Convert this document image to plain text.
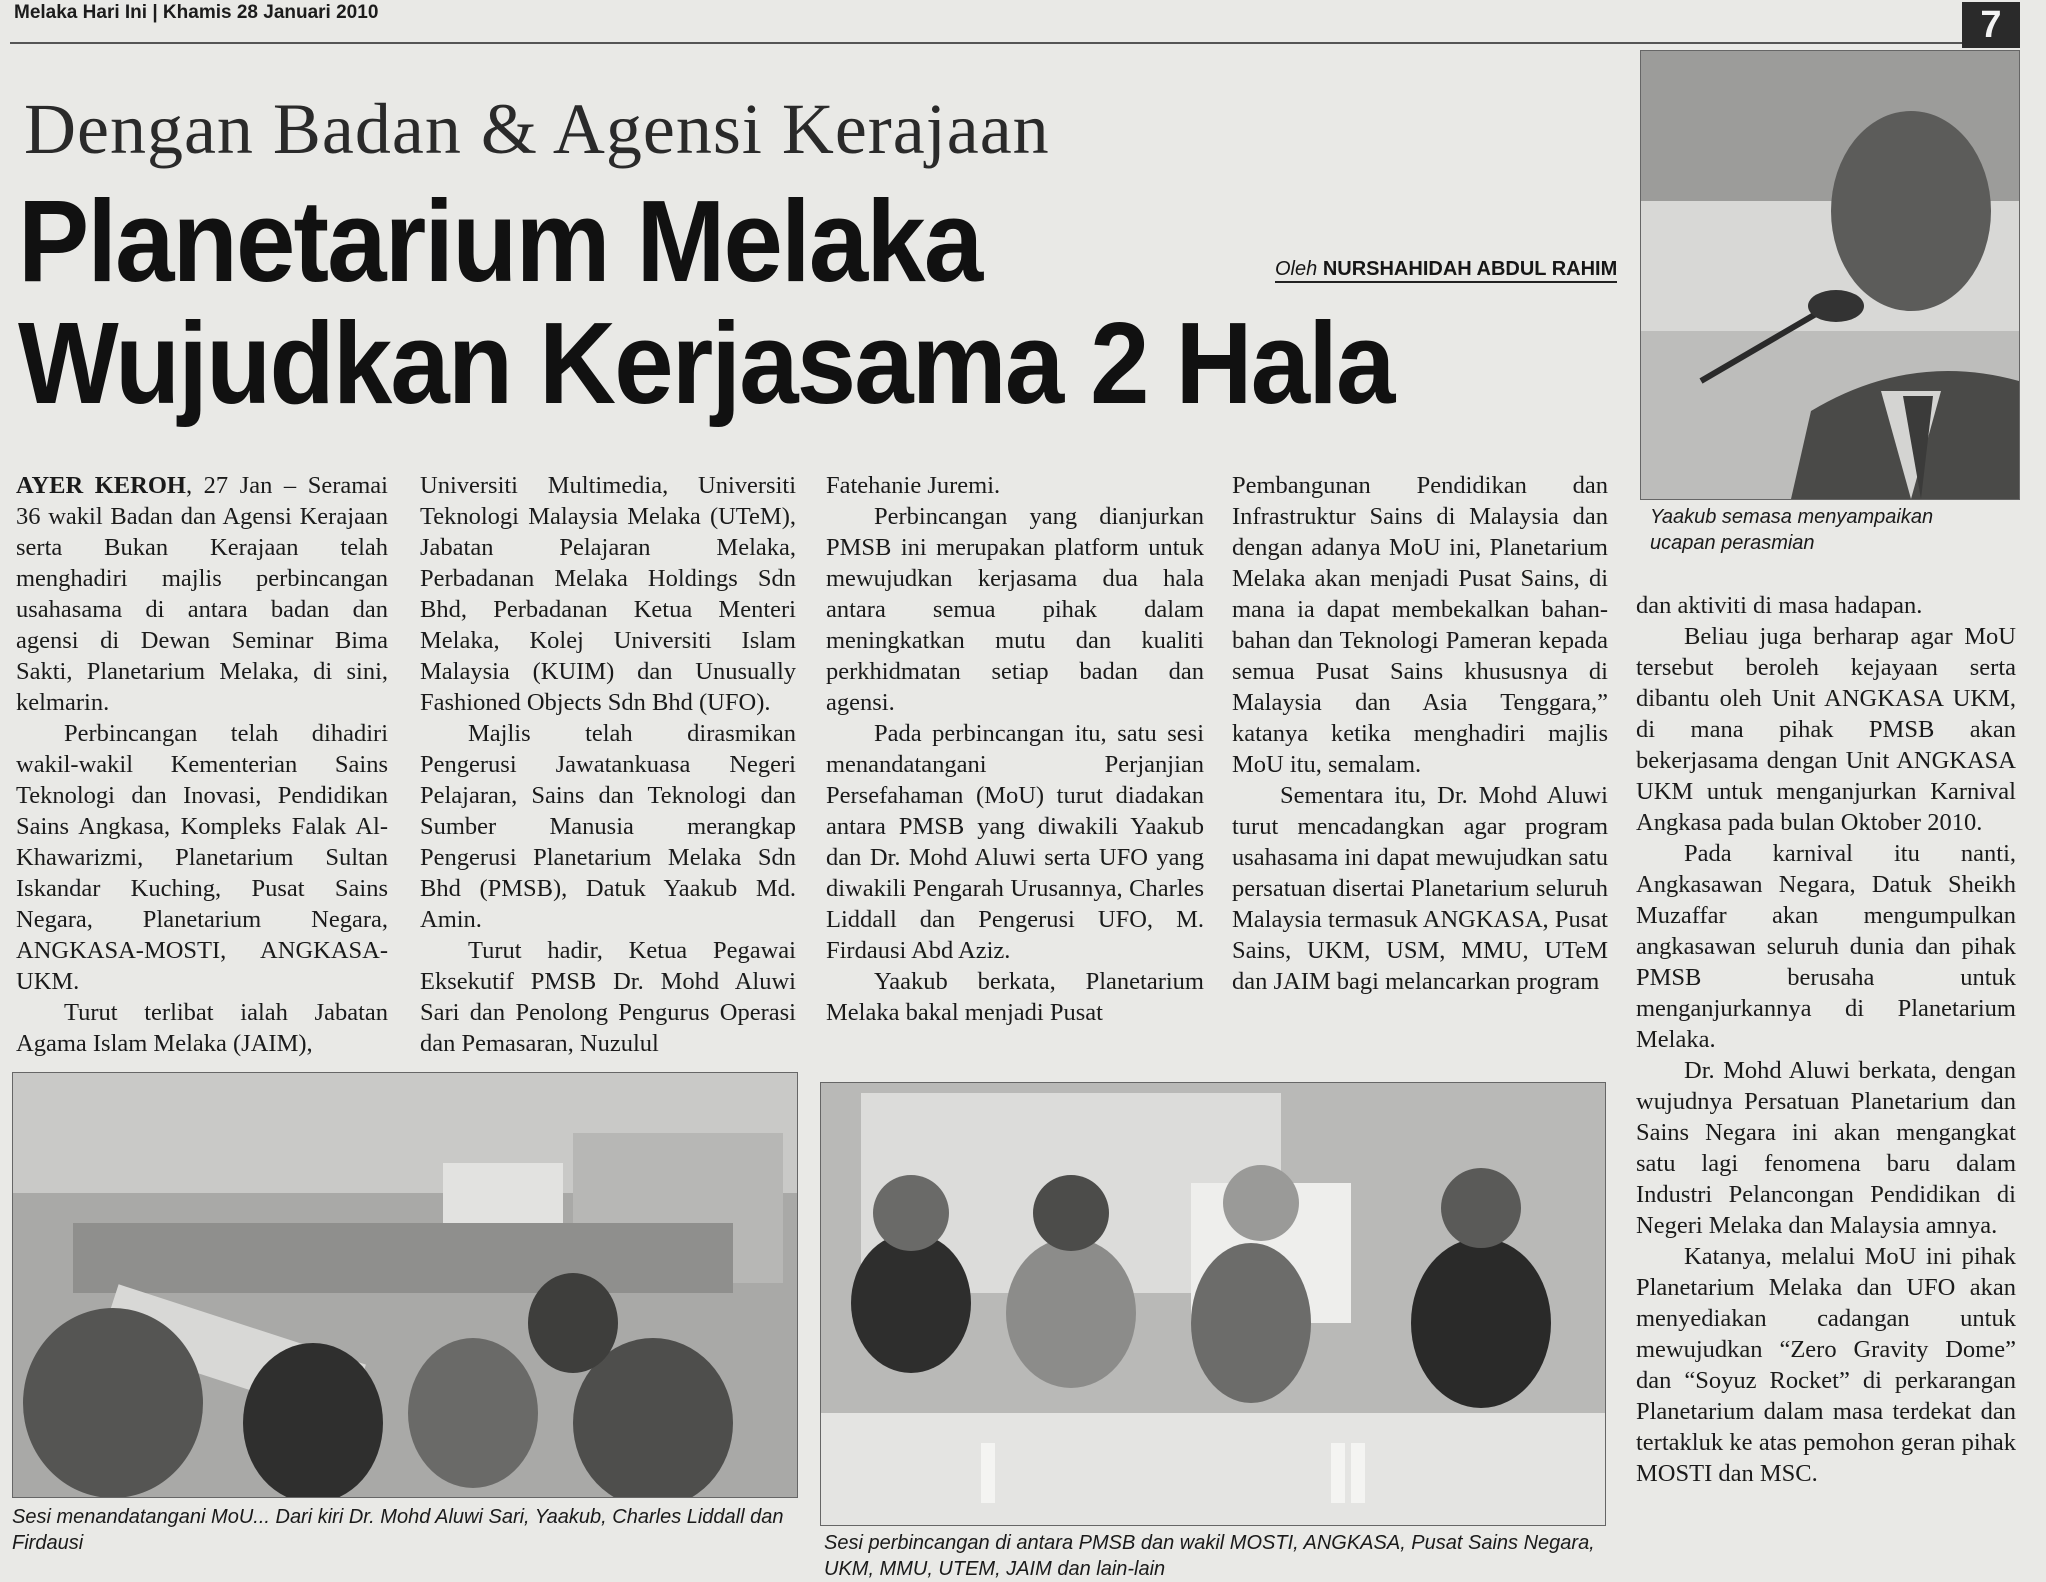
Melaka Hari Ini | Khamis 28 Januari 2010	7
Dengan Badan & Agensi Kerajaan
Planetarium Melaka
Wujudkan Kerjasama 2 Hala
Oleh NURSHAHIDAH ABDUL RAHIM
Yaakub semasa menyampaikan
ucapan perasmian

AYER KEROH, 27 Jan – Seramai 36 wakil Badan dan Agensi Kerajaan serta Bukan Kerajaan telah menghadiri majlis perbincangan usahasama di antara badan dan agensi di Dewan Seminar Bima Sakti, Planetarium Melaka, di sini, kelmarin.

Perbincangan telah dihadiri wakil-wakil Kementerian Sains Teknologi dan Inovasi, Pendidikan Sains Angkasa, Kompleks Falak Al-Khawarizmi, Planetarium Sultan Iskandar Kuching, Pusat Sains Negara, Planetarium Negara, ANGKASA-MOSTI, ANGKASA-UKM.

Turut terlibat ialah Jabatan Agama Islam Melaka (JAIM),

Universiti Multimedia, Universiti Teknologi Malaysia Melaka (UTeM), Jabatan Pelajaran Melaka, Perbadanan Melaka Holdings Sdn Bhd, Perbadanan Ketua Menteri Melaka, Kolej Universiti Islam Malaysia (KUIM) dan Unusually Fashioned Objects Sdn Bhd (UFO).

Majlis telah dirasmikan Pengerusi Jawatankuasa Negeri Pelajaran, Sains dan Teknologi dan Sumber Manusia merangkap Pengerusi Planetarium Melaka Sdn Bhd (PMSB), Datuk Yaakub Md. Amin.

Turut hadir, Ketua Pegawai Eksekutif PMSB Dr. Mohd Aluwi Sari dan Penolong Pengurus Operasi dan Pemasaran, Nuzulul

Fatehanie Juremi.

Perbincangan yang dianjurkan PMSB ini merupakan platform untuk mewujudkan kerjasama dua hala antara semua pihak dalam meningkatkan mutu dan kualiti perkhidmatan setiap badan dan agensi.

Pada perbincangan itu, satu sesi menandatangani Perjanjian Persefahaman (MoU) turut diadakan antara PMSB yang diwakili Yaakub dan Dr. Mohd Aluwi serta UFO yang diwakili Pengarah Urusannya, Charles Liddall dan Pengerusi UFO, M. Firdausi Abd Aziz.

Yaakub berkata, Planetarium Melaka bakal menjadi Pusat

Pembangunan Pendidikan dan Infrastruktur Sains di Malaysia dan dengan adanya MoU ini, Planetarium Melaka akan menjadi Pusat Sains, di mana ia dapat membekalkan bahan-bahan dan Teknologi Pameran kepada semua Pusat Sains khususnya di Malaysia dan Asia Tenggara,” katanya ketika menghadiri majlis MoU itu, semalam.

Sementara itu, Dr. Mohd Aluwi turut mencadangkan agar program usahasama ini dapat mewujudkan satu persatuan disertai Planetarium seluruh Malaysia termasuk ANGKASA, Pusat Sains, UKM, USM, MMU, UTeM dan JAIM bagi melancarkan program

dan aktiviti di masa hadapan.

Beliau juga berharap agar MoU tersebut beroleh kejayaan serta dibantu oleh Unit ANGKASA UKM, di mana pihak PMSB akan bekerjasama dengan Unit ANGKASA UKM untuk menganjurkan Karnival Angkasa pada bulan Oktober 2010.

Pada karnival itu nanti, Angkasawan Negara, Datuk Sheikh Muzaffar akan mengumpulkan angkasawan seluruh dunia dan pihak PMSB berusaha untuk menganjurkannya di Planetarium Melaka.

Dr. Mohd Aluwi berkata, dengan wujudnya Persatuan Planetarium dan Sains Negara ini akan mengangkat satu lagi fenomena baru dalam Industri Pelancongan Pendidikan di Negeri Melaka dan Malaysia amnya.

Katanya, melalui MoU ini pihak Planetarium Melaka dan UFO akan menyediakan cadangan untuk mewujudkan “Zero Gravity Dome” dan “Soyuz Rocket” di perkarangan Planetarium dalam masa terdekat dan tertakluk ke atas pemohon geran pihak MOSTI dan MSC.

Sesi menandatangani MoU... Dari kiri Dr. Mohd Aluwi Sari, Yaakub, Charles Liddall dan Firdausi	Sesi perbincangan di antara PMSB dan wakil MOSTI, ANGKASA, Pusat Sains Negara, UKM, MMU, UTEM, JAIM dan lain-lain
